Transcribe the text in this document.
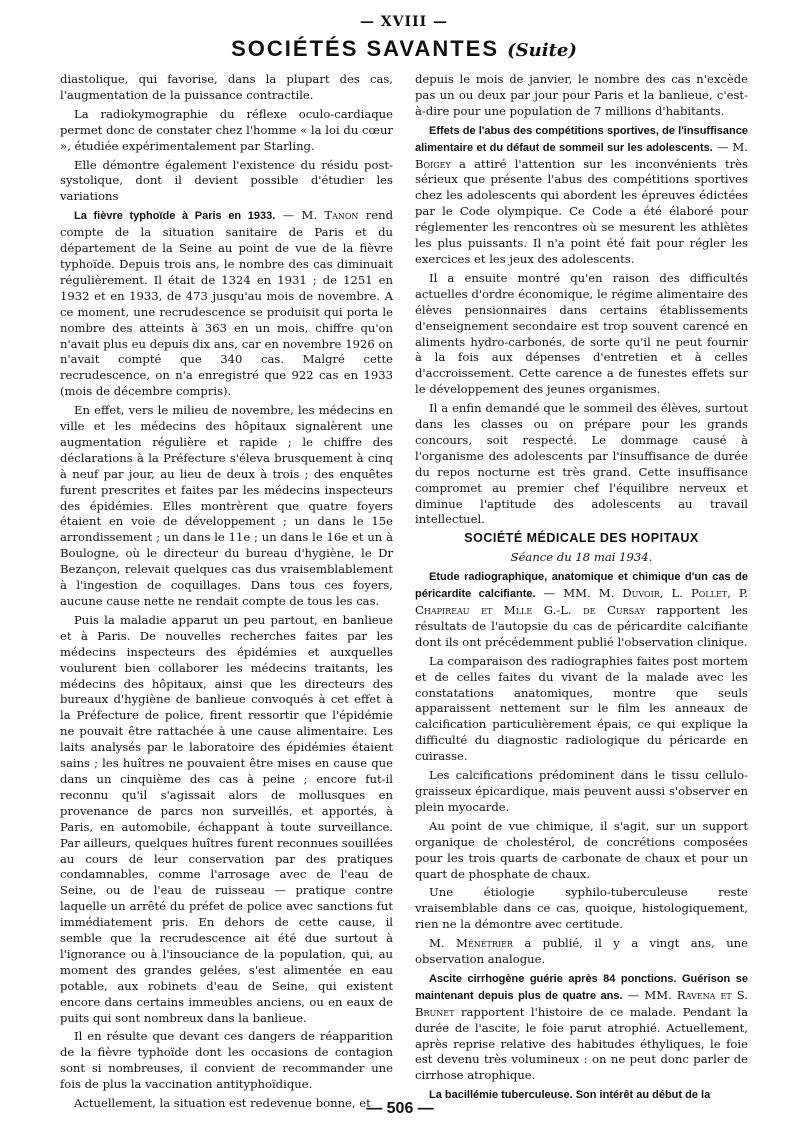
— XVIII —
SOCIÉTÉS SAVANTES (Suite)

diastolique, qui favorise, dans la plupart des cas, l'augmentation de la puissance contractile.

La radiokymographie du réflexe oculo-cardiaque permet donc de constater chez l'homme « la loi du cœur », étudiée expérimentalement par Starling.

Elle démontre également l'existence du résidu post-systolique, dont il devient possible d'étudier les variations

La fièvre typhoïde à Paris en 1933. — M. Tanon rend compte de la situation sanitaire de Paris et du département de la Seine au point de vue de la fièvre typhoïde. Depuis trois ans, le nombre des cas diminuait régulièrement. Il était de 1324 en 1931 ; de 1251 en 1932 et en 1933, de 473 jusqu'au mois de novembre. A ce moment, une recrudescence se produisit qui porta le nombre des atteints à 363 en un mois, chiffre qu'on n'avait plus eu depuis dix ans, car en novembre 1926 on n'avait compté que 340 cas. Malgré cette recrudescence, on n'a enregistré que 922 cas en 1933 (mois de décembre compris).

En effet, vers le milieu de novembre, les médecins en ville et les médecins des hôpitaux signalèrent une augmentation régulière et rapide ; le chiffre des déclarations à la Préfecture s'éleva brusquement à cinq à neuf par jour, au lieu de deux à trois ; des enquêtes furent prescrites et faites par les médecins inspecteurs des épidémies. Elles montrèrent que quatre foyers étaient en voie de développement ; un dans le 15e arrondissement ; un dans le 11e ; un dans le 16e et un à Boulogne, où le directeur du bureau d'hygiène, le Dr Bezançon, relevait quelques cas dus vraisemblablement à l'ingestion de coquillages. Dans tous ces foyers, aucune cause nette ne rendait compte de tous les cas.

Puis la maladie apparut un peu partout, en banlieue et à Paris. De nouvelles recherches faites par les médecins inspecteurs des épidémies et auxquelles voulurent bien collaborer les médecins traitants, les médecins des hôpitaux, ainsi que les directeurs des bureaux d'hygiène de banlieue convoqués à cet effet à la Préfecture de police, firent ressortir que l'épidémie ne pouvait être rattachée à une cause alimentaire. Les laits analysés par le laboratoire des épidémies étaient sains ; les huîtres ne pouvaient être mises en cause que dans un cinquième des cas à peine ; encore fut-il reconnu qu'il s'agissait alors de mollusques en provenance de parcs non surveillés, et apportés, à Paris, en automobile, échappant à toute surveillance. Par ailleurs, quelques huîtres furent reconnues souillées au cours de leur conservation par des pratiques condamnables, comme l'arrosage avec de l'eau de Seine, ou de l'eau de ruisseau — pratique contre laquelle un arrêté du préfet de police avec sanctions fut immédiatement pris. En dehors de cette cause, il semble que la recrudescence ait été due surtout à l'ignorance ou à l'insouciance de la population, qui, au moment des grandes gelées, s'est alimentée en eau potable, aux robinets d'eau de Seine, qui existent encore dans certains immeubles anciens, ou en eaux de puits qui sont nombreux dans la banlieue.

Il en résulte que devant ces dangers de réapparition de la fièvre typhoïde dont les occasions de contagion sont si nombreuses, il convient de recommander une fois de plus la vaccination antityphoïdique.

Actuellement, la situation est redevenue bonne, et

depuis le mois de janvier, le nombre des cas n'excède pas un ou deux par jour pour Paris et la banlieue, c'est-à-dire pour une population de 7 millions d'habitants.

Effets de l'abus des compétitions sportives, de l'insuffisance alimentaire et du défaut de sommeil sur les adolescents. — M. Boigey a attiré l'attention sur les inconvénients très sérieux que présente l'abus des compétitions sportives chez les adolescents qui abordent les épreuves édictées par le Code olympique. Ce Code a été élaboré pour réglementer les rencontres où se mesurent les athlètes les plus puissants. Il n'a point été fait pour régler les exercices et les jeux des adolescents.

Il a ensuite montré qu'en raison des difficultés actuelles d'ordre économique, le régime alimentaire des élèves pensionnaires dans certains établissements d'enseignement secondaire est trop souvent carencé en aliments hydro-carbonés, de sorte qu'il ne peut fournir à la fois aux dépenses d'entretien et à celles d'accroissement. Cette carence a de funestes effets sur le développement des jeunes organismes.

Il a enfin demandé que le sommeil des élèves, surtout dans les classes ou on prépare pour les grands concours, soit respecté. Le dommage causé à l'organisme des adolescents par l'insuffisance de durée du repos nocturne est très grand. Cette insuffisance compromet au premier chef l'équilibre nerveux et diminue l'aptitude des adolescents au travail intellectuel.

SOCIÉTÉ MÉDICALE DES HOPITAUX

Séance du 18 mai 1934.

Etude radiographique, anatomique et chimique d'un cas de péricardite calcifiante. — MM. M. Duvoir, L. Pollet, P. Chapireau et Mlle G.-L. de Cursay rapportent les résultats de l'autopsie du cas de péricardite calcifiante dont ils ont précédemment publié l'observation clinique.

La comparaison des radiographies faites post mortem et de celles faites du vivant de la malade avec les constatations anatomiques, montre que seuls apparaissent nettement sur le film les anneaux de calcification particulièrement épais, ce qui explique la difficulté du diagnostic radiologique du péricarde en cuirasse.

Les calcifications prédominent dans le tissu cellulo-graisseux épicardique, mais peuvent aussi s'observer en plein myocarde.

Au point de vue chimique, il s'agit, sur un support organique de cholestérol, de concrétions composées pour les trois quarts de carbonate de chaux et pour un quart de phosphate de chaux.

Une étiologie syphilo-tuberculeuse reste vraisemblable dans ce cas, quoique, histologiquement, rien ne la démontre avec certitude.

M. Ménétrier a publié, il y a vingt ans, une observation analogue.

Ascite cirrhogène guérie après 84 ponctions. Guérison se maintenant depuis plus de quatre ans. — MM. Ravena et S. Brunet rapportent l'histoire de ce malade. Pendant la durée de l'ascite, le foie parut atrophié. Actuellement, après reprise relative des habitudes éthyliques, le foie est devenu très volumineux : on ne peut donc parler de cirrhose atrophique.

La bacillémie tuberculeuse. Son intérêt au début de la

— 506 —
